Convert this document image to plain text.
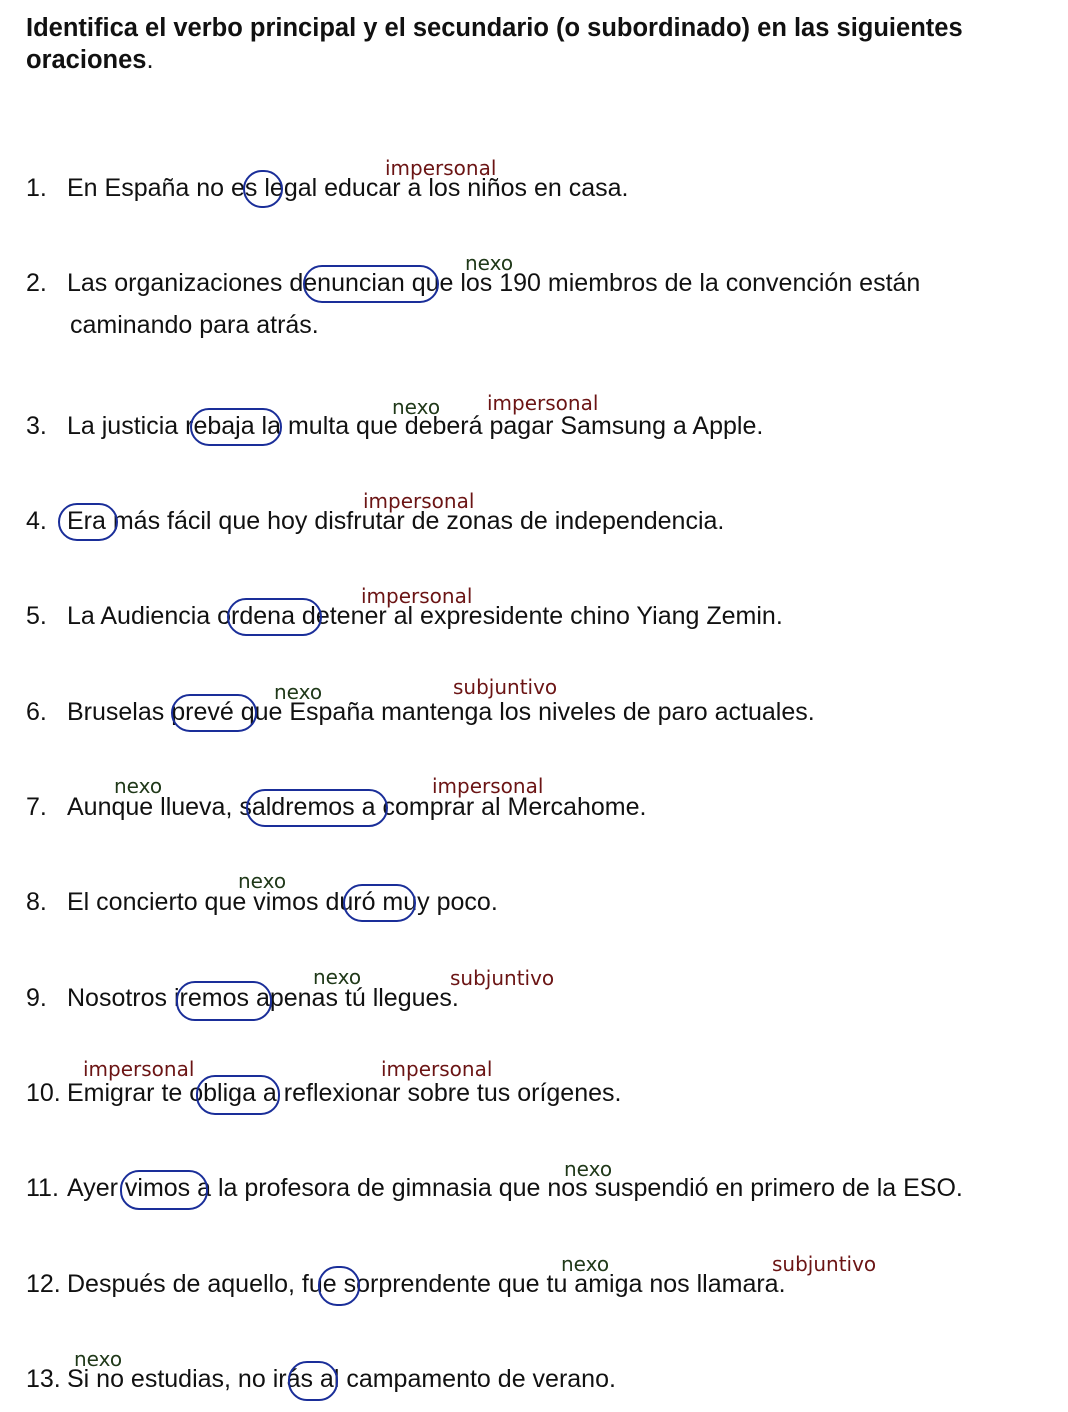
Identifica el verbo principal y el secundario (o subordinado) en las siguientes oraciones.
1. En España no es legal educar a los niños en casa.
2. Las organizaciones denuncian que los 190 miembros de la convención están
caminando para atrás.
3. La justicia rebaja la multa que deberá pagar Samsung a Apple.
4. Era más fácil que hoy disfrutar de zonas de independencia.
5. La Audiencia ordena detener al expresidente chino Yiang Zemin.
6. Bruselas prevé que España mantenga los niveles de paro actuales.
7. Aunque llueva, saldremos a comprar al Mercahome.
8. El concierto que vimos duró muy poco.
9. Nosotros iremos apenas tú llegues.
10. Emigrar te obliga a reflexionar sobre tus orígenes.
11. Ayer vimos a la profesora de gimnasia que nos suspendió en primero de la ESO.
12. Después de aquello, fue sorprendente que tu amiga nos llamara.
13. Si no estudias, no irás al campamento de verano.
impersonal
nexo
nexo impersonal
impersonal
impersonal
nexo	subjuntivo
nexo	impersonal
nexo
nexo	subjuntivo
impersonal	impersonal
nexo
nexo	subjuntivo
nexo
